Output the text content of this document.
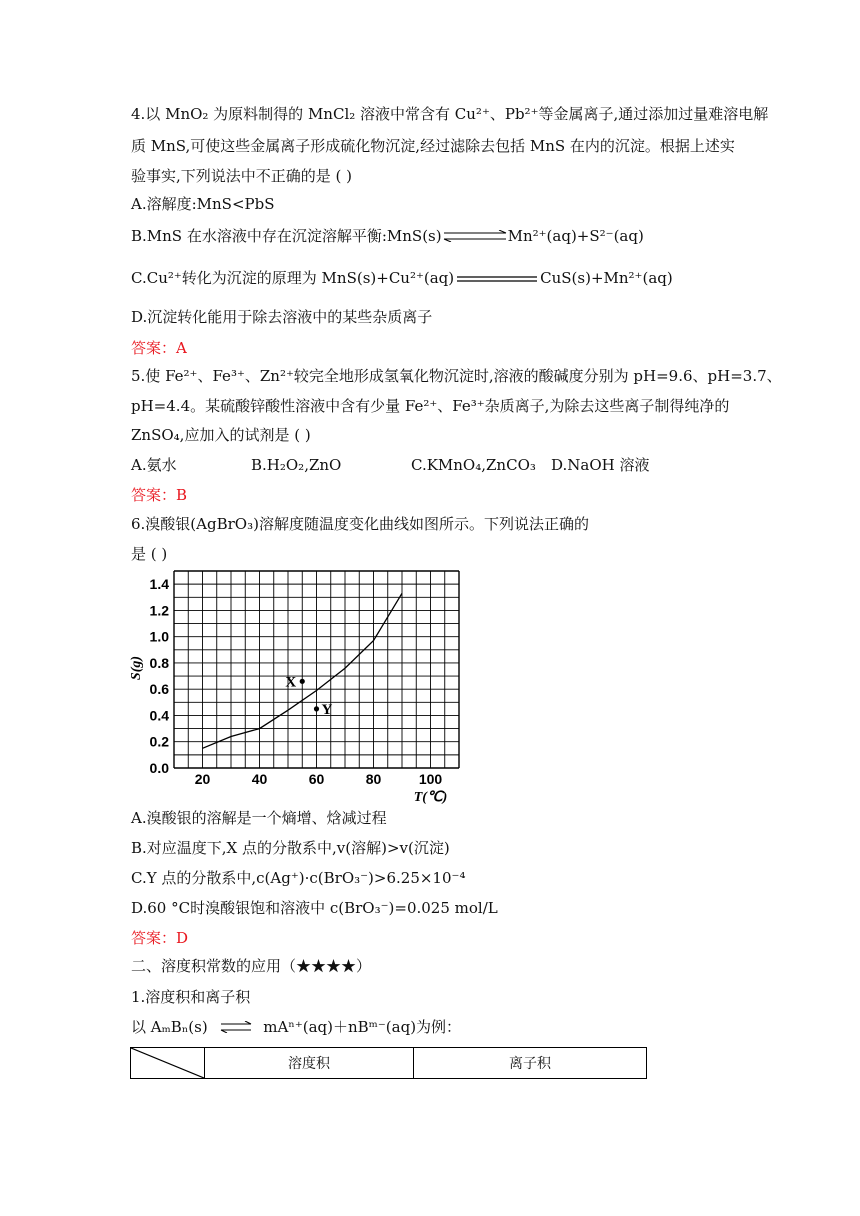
4.以 MnO₂ 为原料制得的 MnCl₂ 溶液中常含有 Cu²⁺、Pb²⁺等金属离子,通过添加过量难溶电解
质 MnS,可使这些金属离子形成硫化物沉淀,经过滤除去包括 MnS 在内的沉淀。根据上述实
验事实,下列说法中不正确的是 ( )
A.溶解度:MnS<PbS
B.MnS 在水溶液中存在沉淀溶解平衡:MnS(s)	Mn²⁺(aq)+S²⁻(aq)
C.Cu²⁺转化为沉淀的原理为 MnS(s)+Cu²⁺(aq)	CuS(s)+Mn²⁺(aq)
D.沉淀转化能用于除去溶液中的某些杂质离子
答案：A
5.使 Fe²⁺、Fe³⁺、Zn²⁺较完全地形成氢氧化物沉淀时,溶液的酸碱度分别为 pH=9.6、pH=3.7、
pH=4.4。某硫酸锌酸性溶液中含有少量 Fe²⁺、Fe³⁺杂质离子,为除去这些离子制得纯净的
ZnSO₄,应加入的试剂是 ( )
A.氨水	B.H₂O₂,ZnO	C.KMnO₄,ZnCO₃ D.NaOH 溶液
答案：B
6.溴酸银(AgBrO₃)溶解度随温度变化曲线如图所示。下列说法正确的
是 ( )
0.0
0.2
0.4
0.6
0.8
1.0
1.2
1.4
20	40	60	80	100
S(g)
T(℃)
X
Y
A.溴酸银的溶解是一个熵增、焓减过程
B.对应温度下,X 点的分散系中,v(溶解)>v(沉淀)
C.Y 点的分散系中,c(Ag⁺)·c(BrO₃⁻)>6.25×10⁻⁴
D.60 °C时溴酸银饱和溶液中 c(BrO₃⁻)=0.025 mol/L
答案：D
二、溶度积常数的应用（★★★★）
1.溶度积和离子积
以 AₘBₙ(s) ⇌ mAⁿ⁺(aq)＋nBᵐ⁻(aq)为例：
	溶度积	离子积
